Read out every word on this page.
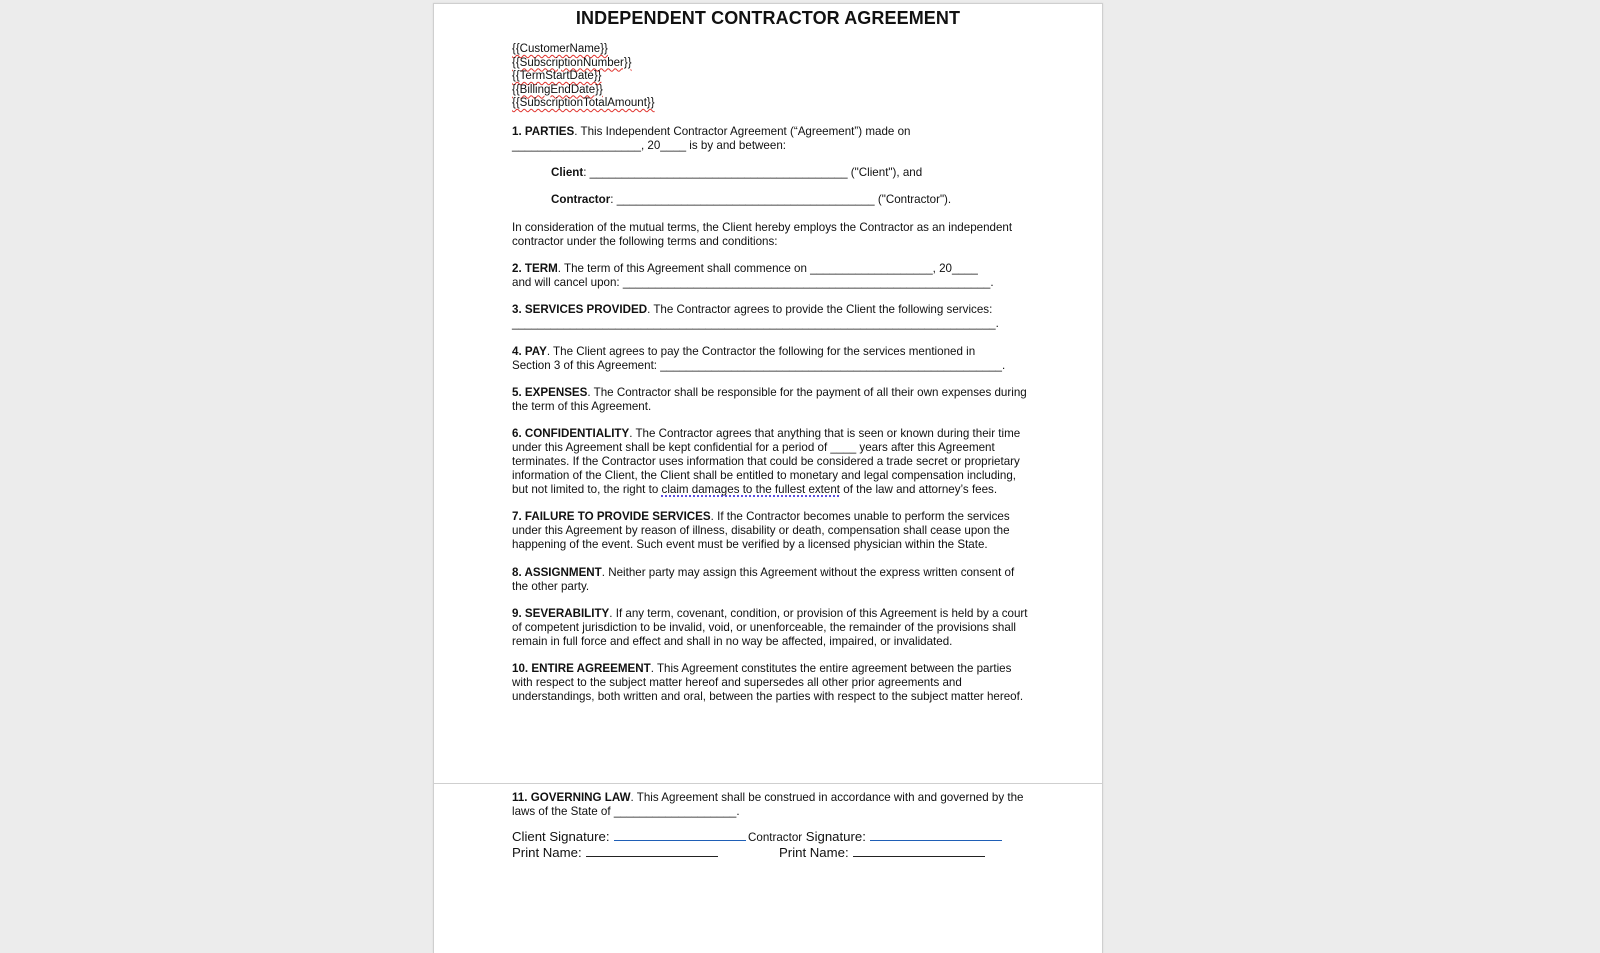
INDEPENDENT CONTRACTOR AGREEMENT
{{CustomerName}}
{{SubscriptionNumber}}
{{TermStartDate}}
{{BillingEndDate}}
{{SubscriptionTotalAmount}}

1. PARTIES. This Independent Contractor Agreement (“Agreement”) made on
____________________, 20____ is by and between:

Client: ________________________________________ ("Client"), and

Contractor: ________________________________________ ("Contractor").

In consideration of the mutual terms, the Client hereby employs the Contractor as an independent contractor under the following terms and conditions:

2. TERM. The term of this Agreement shall commence on ___________________, 20____
and will cancel upon: _________________________________________________________.

3. SERVICES PROVIDED. The Contractor agrees to provide the Client the following services:
___________________________________________________________________________.

4. PAY. The Client agrees to pay the Contractor the following for the services mentioned in
Section 3 of this Agreement: _____________________________________________________.

5. EXPENSES. The Contractor shall be responsible for the payment of all their own expenses during the term of this Agreement.

6. CONFIDENTIALITY. The Contractor agrees that anything that is seen or known during their time under this Agreement shall be kept confidential for a period of ____ years after this Agreement terminates. If the Contractor uses information that could be considered a trade secret or proprietary information of the Client, the Client shall be entitled to monetary and legal compensation including, but not limited to, the right to claim damages to the fullest extent of the law and attorney’s fees.

7. FAILURE TO PROVIDE SERVICES. If the Contractor becomes unable to perform the services under this Agreement by reason of illness, disability or death, compensation shall cease upon the happening of the event. Such event must be verified by a licensed physician within the State.

8. ASSIGNMENT. Neither party may assign this Agreement without the express written consent of the other party.

9. SEVERABILITY. If any term, covenant, condition, or provision of this Agreement is held by a court of competent jurisdiction to be invalid, void, or unenforceable, the remainder of the provisions shall remain in full force and effect and shall in no way be affected, impaired, or invalidated.

10. ENTIRE AGREEMENT. This Agreement constitutes the entire agreement between the parties with respect to the subject matter hereof and supersedes all other prior agreements and understandings, both written and oral, between the parties with respect to the subject matter hereof.

11. GOVERNING LAW. This Agreement shall be construed in accordance with and governed by the laws of the State of ___________________.

Client Signature:	Contractor Signature:
Print Name:	Print Name:
